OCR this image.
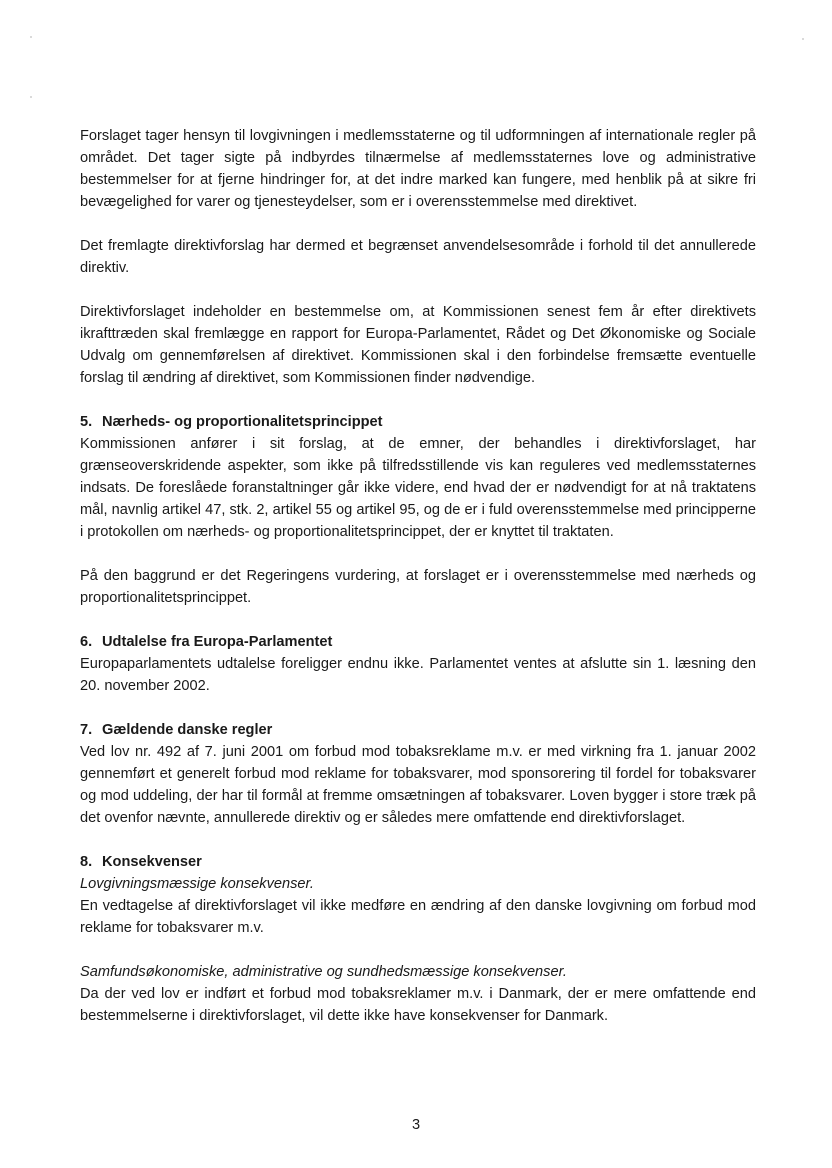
Forslaget tager hensyn til lovgivningen i medlemsstaterne og til udformningen af internationale regler på området. Det tager sigte på indbyrdes tilnærmelse af medlemsstaternes love og administrative bestemmelser for at fjerne hindringer for, at det indre marked kan fungere, med henblik på at sikre fri bevægelighed for varer og tjenesteydelser, som er i overensstemmelse med direktivet.

Det fremlagte direktivforslag har dermed et begrænset anvendelsesområde i forhold til det annullerede direktiv.

Direktivforslaget indeholder en bestemmelse om, at Kommissionen senest fem år efter direktivets ikrafttræden skal fremlægge en rapport for Europa-Parlamentet, Rådet og Det Økonomiske og Sociale Udvalg om gennemførelsen af direktivet. Kommissionen skal i den forbindelse fremsætte eventuelle forslag til ændring af direktivet, som Kommissionen finder nødvendige.

5. Nærheds- og proportionalitetsprincippet

Kommissionen anfører i sit forslag, at de emner, der behandles i direktivforslaget, har grænseoverskridende aspekter, som ikke på tilfredsstillende vis kan reguleres ved medlemsstaternes indsats. De foreslåede foranstaltninger går ikke videre, end hvad der er nødvendigt for at nå traktatens mål, navnlig artikel 47, stk. 2, artikel 55 og artikel 95, og de er i fuld overensstemmelse med principperne i protokollen om nærheds- og proportionalitetsprincippet, der er knyttet til traktaten.

På den baggrund er det Regeringens vurdering, at forslaget er i overensstemmelse med nærheds og proportionalitetsprincippet.

6. Udtalelse fra Europa-Parlamentet

Europaparlamentets udtalelse foreligger endnu ikke. Parlamentet ventes at afslutte sin 1. læsning den 20. november 2002.

7. Gældende danske regler

Ved lov nr. 492 af 7. juni 2001 om forbud mod tobaksreklame m.v. er med virkning fra 1. januar 2002 gennemført et generelt forbud mod reklame for tobaksvarer, mod sponsorering til fordel for tobaksvarer og mod uddeling, der har til formål at fremme omsætningen af tobaksvarer. Loven bygger i store træk på det ovenfor nævnte, annullerede direktiv og er således mere omfattende end direktivforslaget.

8. Konsekvenser
Lovgivningsmæssige konsekvenser.

En vedtagelse af direktivforslaget vil ikke medføre en ændring af den danske lovgivning om forbud mod reklame for tobaksvarer m.v.

Samfundsøkonomiske, administrative og sundhedsmæssige konsekvenser.

Da der ved lov er indført et forbud mod tobaksreklamer m.v. i Danmark, der er mere omfattende end bestemmelserne i direktivforslaget, vil dette ikke have konsekvenser for Danmark.

3
